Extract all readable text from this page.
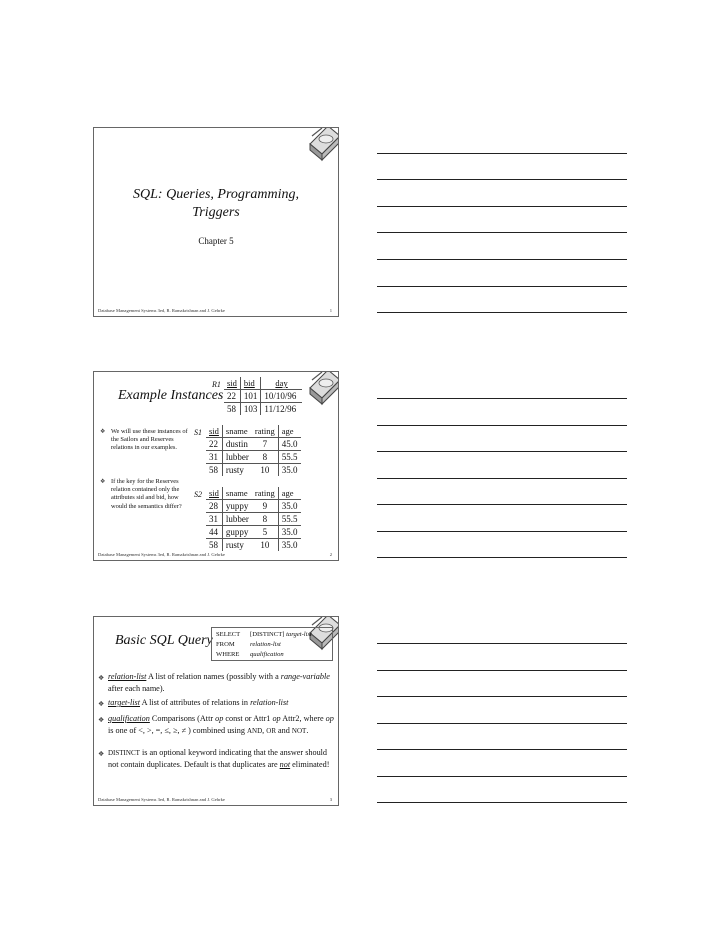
SQL: Queries, Programming,
Triggers
Chapter 5
Database Management Systems 3ed, R. Ramakrishnan and J. Gehrke	1
Example Instances
R1 sid	bid	day
22	101	10/10/96
58	103	11/12/96
S1 sid	sname	rating	age
22	dustin	7	45.0
31	lubber	8	55.5
58	rusty	10	35.0
S2 sid	sname	rating	age
28	yuppy	9	35.0
31	lubber	8	55.5
44	guppy	5	35.0
58	rusty	10	35.0
❖ We will use these instances of the Sailors and Reserves relations in our examples.
❖ If the key for the Reserves relation contained only the attributes sid and bid, how would the semantics differ?
Database Management Systems 3ed, R. Ramakrishnan and J. Gehrke	2
Basic SQL Query SELECT [DISTINCT] target-list
FROM relation-list
WHERE qualification
❖ relation-list A list of relation names (possibly with a range-variable after each name).
❖ target-list A list of attributes of relations in relation-list
❖ qualification Comparisons (Attr op const or Attr1 op Attr2, where op is one of <, >, =, ≤, ≥, ≠ ) combined using AND, OR and NOT.
❖ DISTINCT is an optional keyword indicating that the answer should not contain duplicates. Default is that duplicates are not eliminated!
Database Management Systems 3ed, R. Ramakrishnan and J. Gehrke	3
